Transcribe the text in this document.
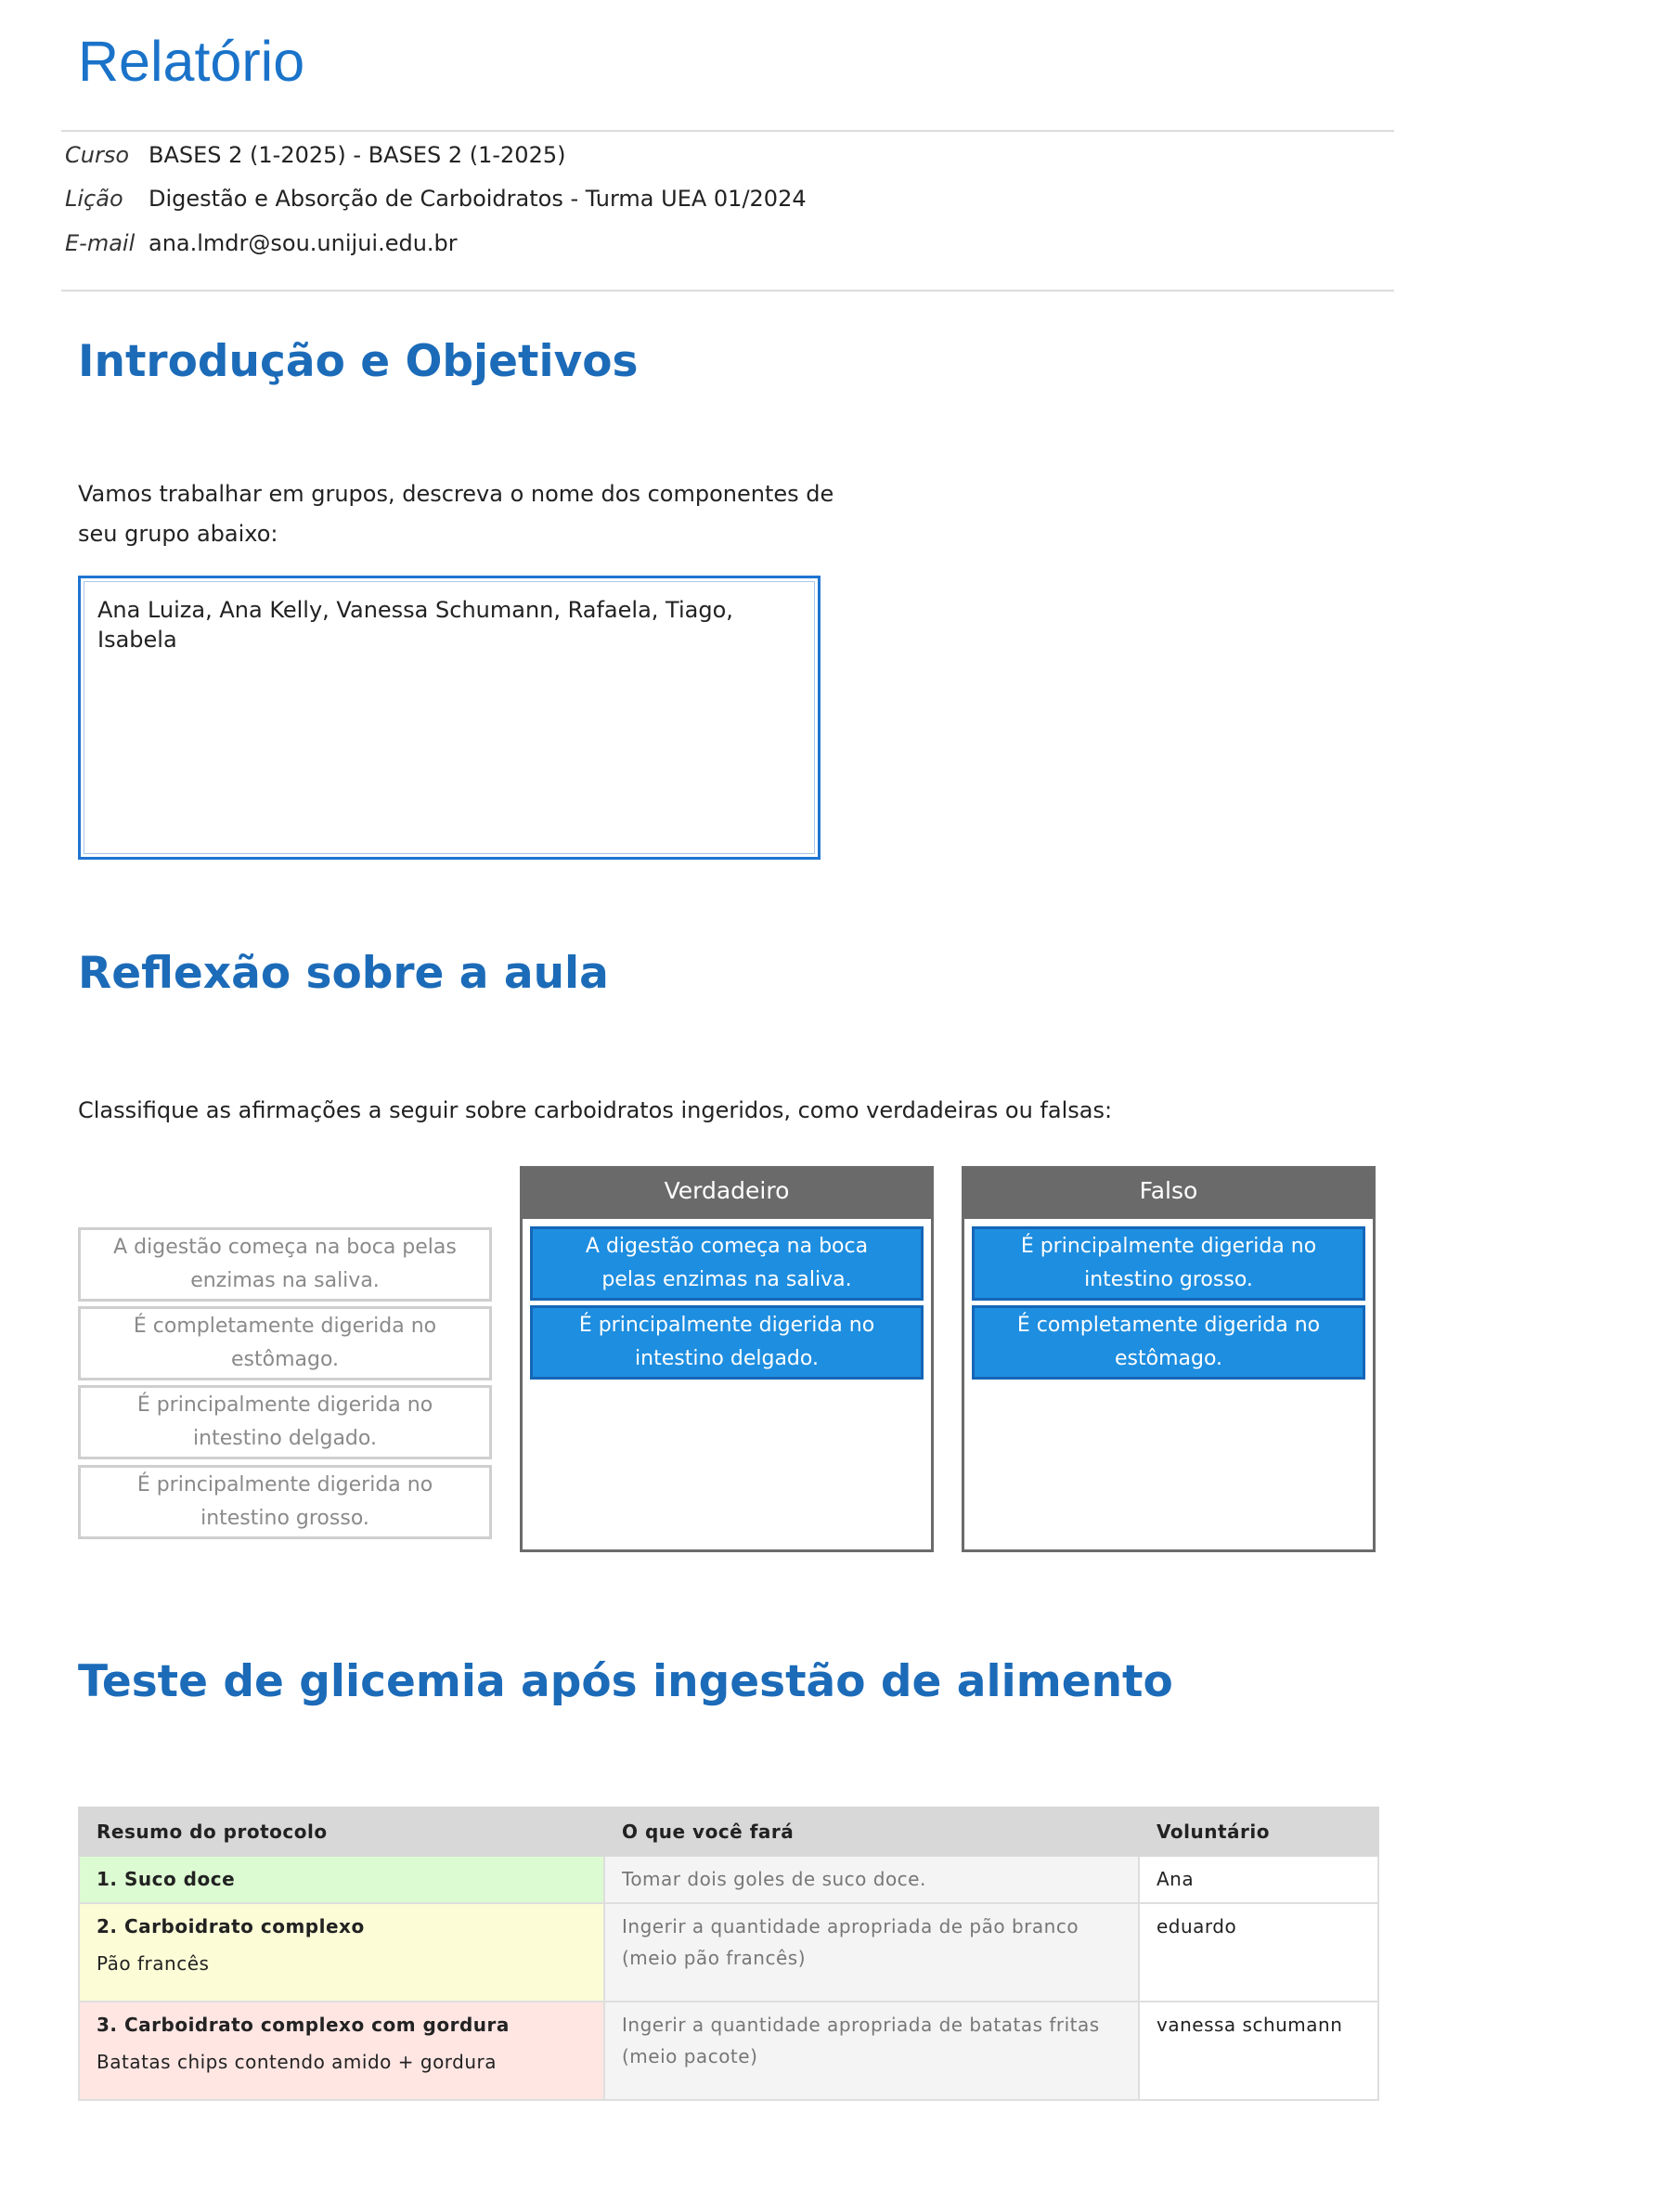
Relatório
Curso BASES 2 (1-2025) - BASES 2 (1-2025)
Lição Digestão e Absorção de Carboidratos - Turma UEA 01/2024
E-mail ana.lmdr@sou.unijui.edu.br
Introdução e Objetivos

Vamos trabalhar em grupos, descreva o nome dos componentes de

seu grupo abaixo:

Ana Luiza, Ana Kelly, Vanessa Schumann, Rafaela, Tiago, Isabela
Reflexão sobre a aula

Classifique as afirmações a seguir sobre carboidratos ingeridos, como verdadeiras ou falsas:

A digestão começa na boca pelas enzimas na saliva.
É completamente digerida no estômago.
É principalmente digerida no intestino delgado.
É principalmente digerida no intestino grosso.
Verdadeiro
A digestão começa na boca pelas enzimas na saliva.
É principalmente digerida no intestino delgado.
Falso
É principalmente digerida no intestino grosso.
É completamente digerida no estômago.
Teste de glicemia após ingestão de alimento
Resumo do protocolo	O que você fará	Voluntário

1. Suco doce	Tomar dois goles de suco doce.	Ana

2. Carboidrato complexo
Pão francês	Ingerir a quantidade apropriada de pão branco (meio pão francês)	eduardo

3. Carboidrato complexo com gordura
Batatas chips contendo amido + gordura	Ingerir a quantidade apropriada de batatas fritas (meio pacote)	vanessa schumann
